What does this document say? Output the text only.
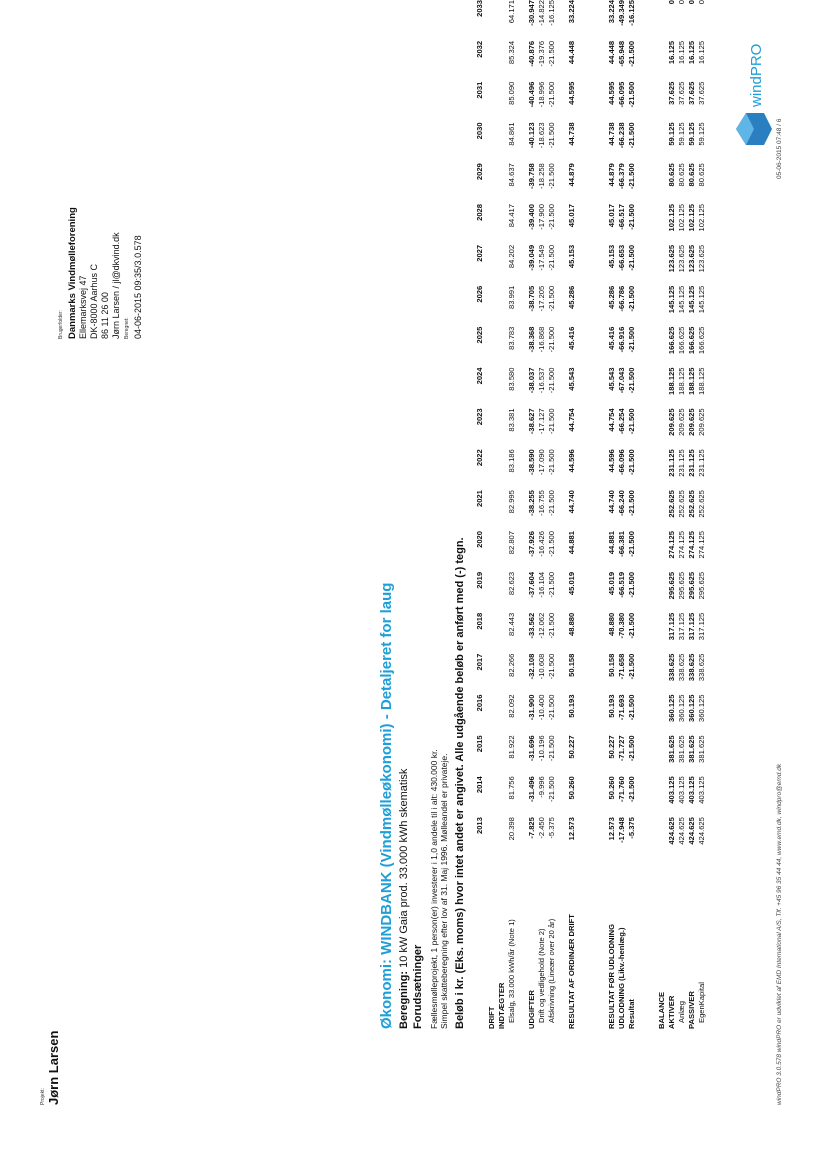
Projekt: Jørn Larsen
Brugerfolder: Danmarks Vindmølleforening Ellemarksvej 47 DK-8000 Aarhus C 86 11 26 00 Jørn Larsen / jl@dkvind.dk Beregnet: 04-06-2015 09:35/3.0.578
Økonomi: WINDBANK (Vindmølleøkonomi) - Detaljeret for laug Beregning: 10 kW Gaia prod. 33.000 kWh skematisk
Forudsætninger Fællesmølleprojekt, 1 person(er) investerer i 1,0 andele til i alt: 430.000 kr. Simpel skatteberegning efter lov af 31. Maj 1996. Mølleandel er privateje. Beløb i kr. (Eks. moms) hvor intet andet er angivet. Alle udgående beløb er anført med (-) tegn.
	2013	2014	2015	2016	2017	2018	2019	2020	2021	2022	2023	2024	2025	2026	2027	2028	2029	2030	2031	2032	2033
DRIFT																					
INDTÆGTER																					
Elsalg, 33.000 kWh/år (Note 1)	20.398	81.756	81.922	82.092	82.266	82.443	82.623	82.807	82.995	83.186	83.381	83.580	83.783	83.991	84.202	84.417	84.637	84.861	85.090	85.324	64.171

UDGIFTER	-7.825	-31.496	-31.696	-31.900	-32.108	-33.562	-37.604	-37.926	-38.255	-38.590	-38.627	-38.037	-38.368	-38.705	-39.049	-39.400	-39.758	-40.123	-40.496	-40.876	-30.947
Drift og vedligehold (Note 2)	-2.450	-9.996	-10.196	-10.400	-10.608	-12.062	-16.104	-16.426	-16.755	-17.090	-17.127	-16.537	-16.868	-17.205	-17.549	-17.900	-18.258	-18.623	-18.996	-19.376	-14.822
Afskrivning (Lineær over 20 år)	-5.375	-21.500	-21.500	-21.500	-21.500	-21.500	-21.500	-21.500	-21.500	-21.500	-21.500	-21.500	-21.500	-21.500	-21.500	-21.500	-21.500	-21.500	-21.500	-21.500	-16.125

RESULTAT AF ORDINÆR DRIFT	12.573	50.260	50.227	50.193	50.158	48.880	45.019	44.881	44.740	44.596	44.754	45.543	45.416	45.286	45.153	45.017	44.879	44.738	44.595	44.448	33.224

RESULTAT FØR UDLODNING	12.573	50.260	50.227	50.193	50.158	48.880	45.019	44.881	44.740	44.596	44.754	45.543	45.416	45.286	45.153	45.017	44.879	44.738	44.595	44.448	33.224
UDLODNING (Likv.-henlæg.)	-17.948	-71.760	-71.727	-71.693	-71.658	-70.380	-66.519	-66.381	-66.240	-66.096	-66.254	-67.043	-66.916	-66.786	-66.653	-66.517	-66.379	-66.238	-66.095	-65.948	-49.349
Resultat	-5.375	-21.500	-21.500	-21.500	-21.500	-21.500	-21.500	-21.500	-21.500	-21.500	-21.500	-21.500	-21.500	-21.500	-21.500	-21.500	-21.500	-21.500	-21.500	-21.500	-16.125

BALANCE																					
AKTIVER	424.625	403.125	381.625	360.125	338.625	317.125	295.625	274.125	252.625	231.125	209.625	188.125	166.625	145.125	123.625	102.125	80.625	59.125	37.625	16.125	0
Anlæg	424.625	403.125	381.625	360.125	338.625	317.125	295.625	274.125	252.625	231.125	209.625	188.125	166.625	145.125	123.625	102.125	80.625	59.125	37.625	16.125	0
PASSIVER	424.625	403.125	381.625	360.125	338.625	317.125	295.625	274.125	252.625	231.125	209.625	188.125	166.625	145.125	123.625	102.125	80.625	59.125	37.625	16.125	0
EgenKapital	424.625	403.125	381.625	360.125	338.625	317.125	295.625	274.125	252.625	231.125	209.625	188.125	166.625	145.125	123.625	102.125	80.625	59.125	37.625	16.125	0
windPRO 3.0.578 windPRO er udviklet af EMD International A/S, Tlf. +45 96 35 44 44, www.emd.dk, windpro@emd.dk
05-06-2015 07:48 / 6
windPRO
